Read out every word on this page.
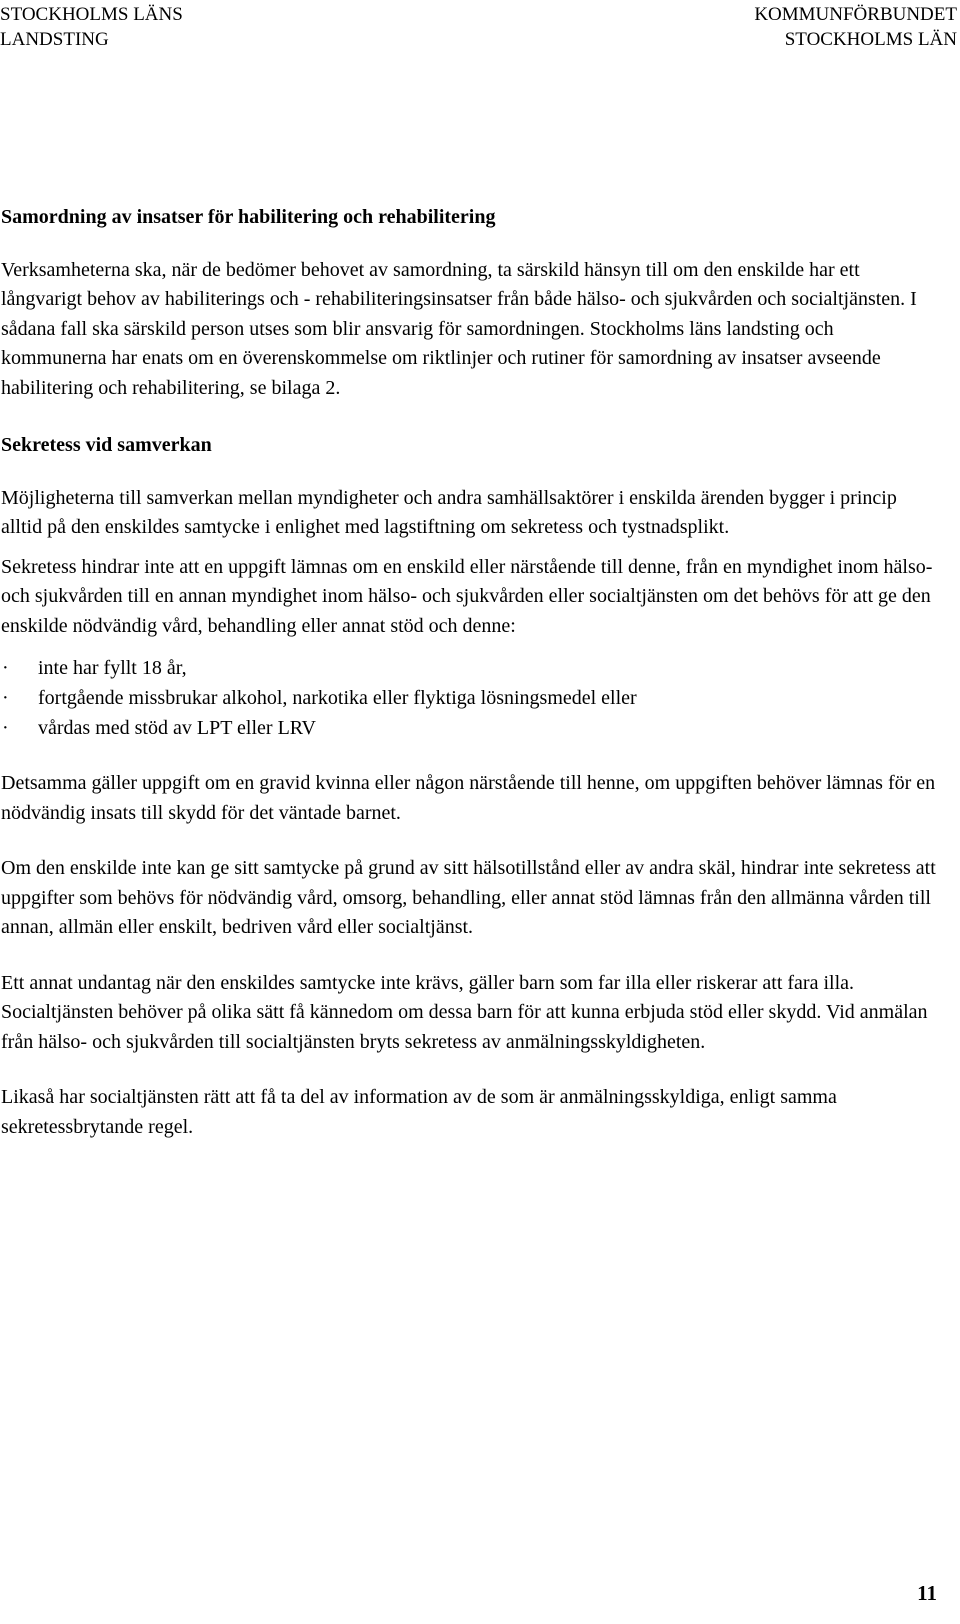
STOCKHOLMS LÄNS
LANDSTING
KOMMUNFÖRBUNDET
STOCKHOLMS LÄN
Samordning av insatser för habilitering och rehabilitering

Verksamheterna ska, när de bedömer behovet av samordning, ta särskild hänsyn till om den enskilde har ett långvarigt behov av habiliterings och - rehabiliteringsinsatser från både hälso- och sjukvården och socialtjänsten. I sådana fall ska särskild person utses som blir ansvarig för samordningen. Stockholms läns landsting och kommunerna har enats om en överenskommelse om riktlinjer och rutiner för samordning av insatser avseende habilitering och rehabilitering, se bilaga 2.

Sekretess vid samverkan

Möjligheterna till samverkan mellan myndigheter och andra samhällsaktörer i enskilda ärenden bygger i princip alltid på den enskildes samtycke i enlighet med lagstiftning om sekretess och tystnadsplikt.

Sekretess hindrar inte att en uppgift lämnas om en enskild eller närstående till denne, från en myndighet inom hälso- och sjukvården till en annan myndighet inom hälso- och sjukvården eller socialtjänsten om det behövs för att ge den enskilde nödvändig vård, behandling eller annat stöd och denne:

· inte har fyllt 18 år,
· fortgående missbrukar alkohol, narkotika eller flyktiga lösningsmedel eller
· vårdas med stöd av LPT eller LRV

Detsamma gäller uppgift om en gravid kvinna eller någon närstående till henne, om uppgiften behöver lämnas för en nödvändig insats till skydd för det väntade barnet.

Om den enskilde inte kan ge sitt samtycke på grund av sitt hälsotillstånd eller av andra skäl, hindrar inte sekretess att uppgifter som behövs för nödvändig vård, omsorg, behandling, eller annat stöd lämnas från den allmänna vården till annan, allmän eller enskilt, bedriven vård eller socialtjänst.

Ett annat undantag när den enskildes samtycke inte krävs, gäller barn som far illa eller riskerar att fara illa. Socialtjänsten behöver på olika sätt få kännedom om dessa barn för att kunna erbjuda stöd eller skydd. Vid anmälan från hälso- och sjukvården till socialtjänsten bryts sekretess av anmälningsskyldigheten.

Likaså har socialtjänsten rätt att få ta del av information av de som är anmälningsskyldiga, enligt samma sekretessbrytande regel.

11
